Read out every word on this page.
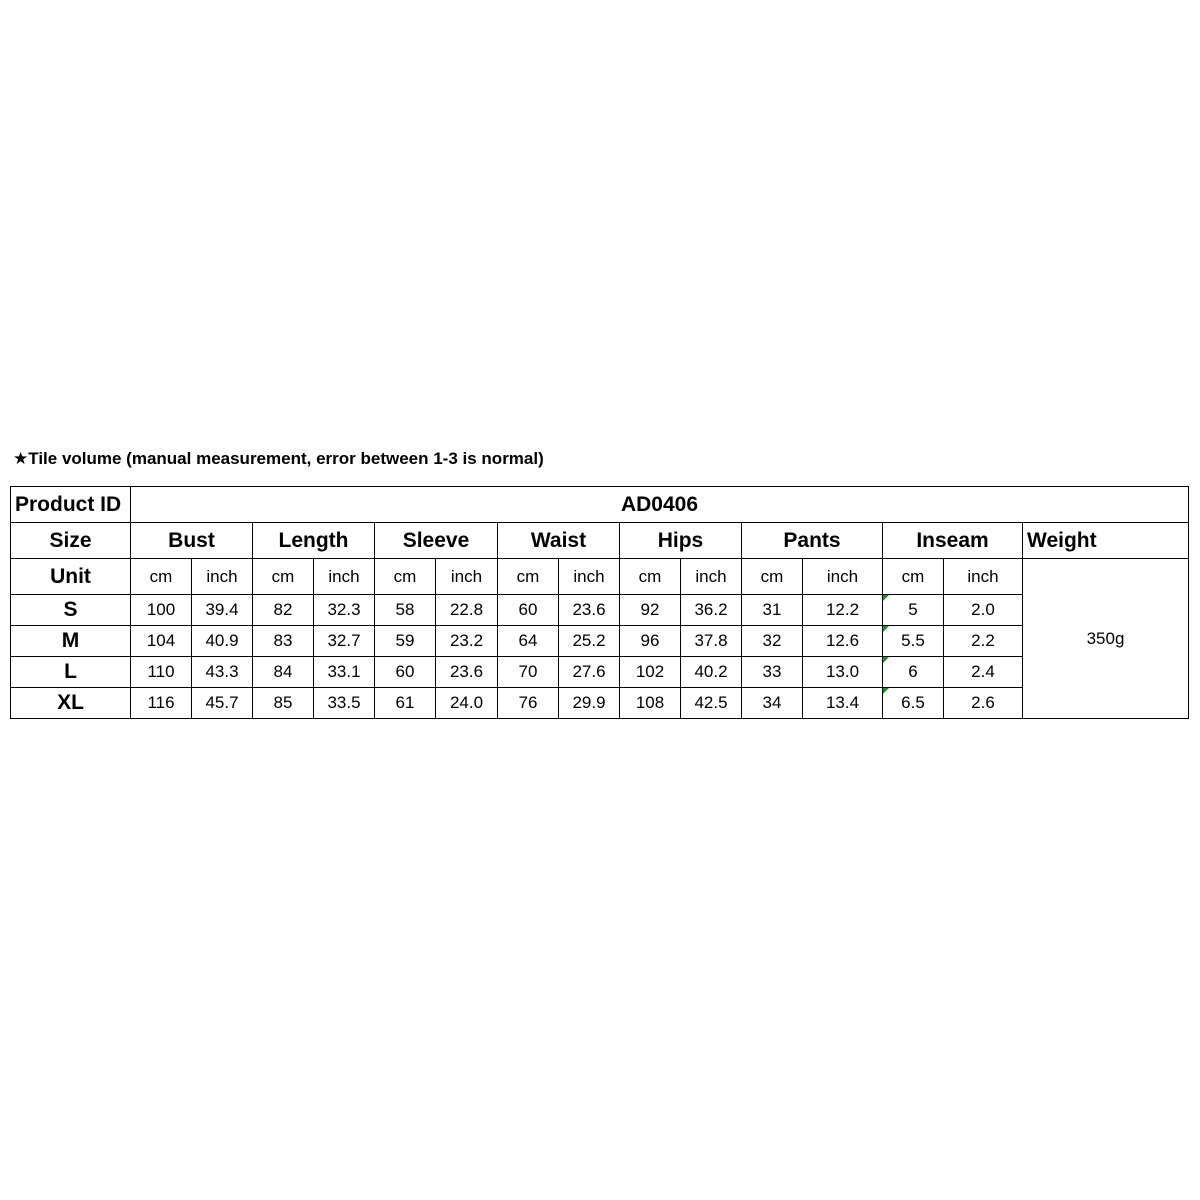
★Tile volume (manual measurement, error between 1-3 is normal)
Product ID	AD0406														
Size	Bust		Length		Sleeve		Waist		Hips		Pants		Inseam		Weight
Unit	cm	inch	cm	inch	cm	inch	cm	inch	cm	inch	cm	inch	cm	inch	350g
S	100	39.4	82	32.3	58	22.8	60	23.6	92	36.2	31	12.2	5	2.0	
M	104	40.9	83	32.7	59	23.2	64	25.2	96	37.8	32	12.6	5.5	2.2	
L	110	43.3	84	33.1	60	23.6	70	27.6	102	40.2	33	13.0	6	2.4	
XL	116	45.7	85	33.5	61	24.0	76	29.9	108	42.5	34	13.4	6.5	2.6	
